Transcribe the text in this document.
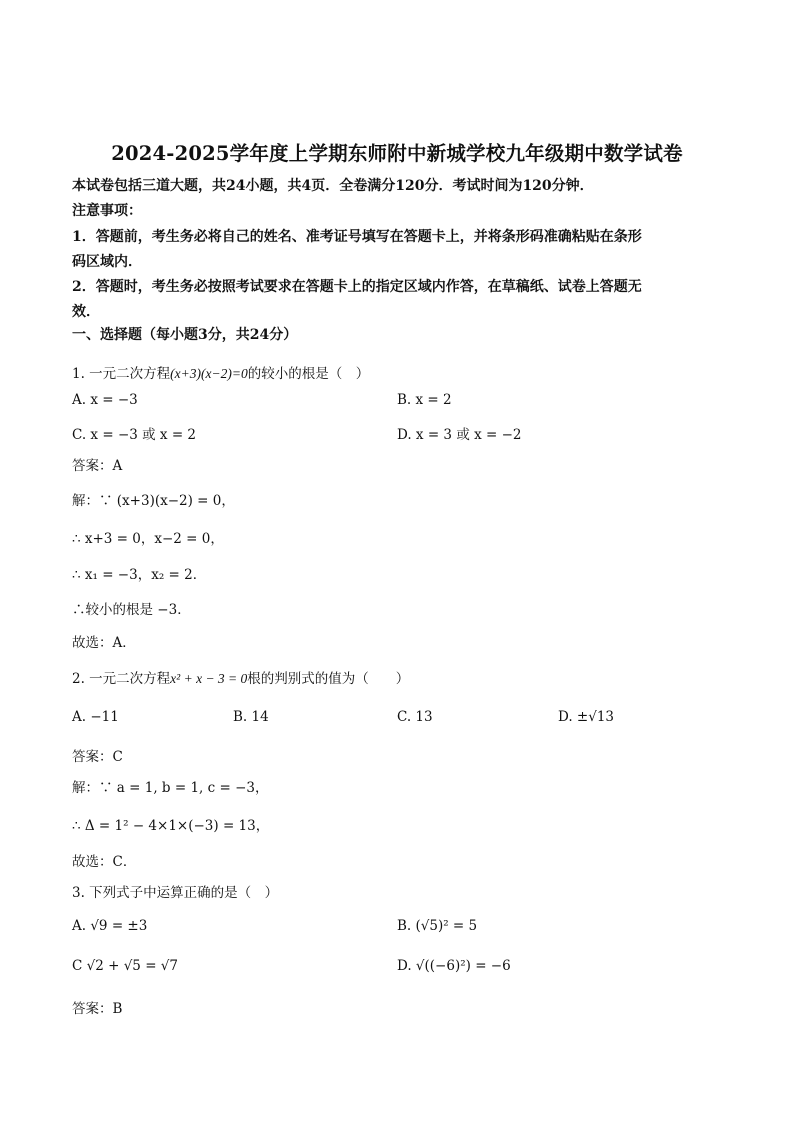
2024-2025学年度上学期东师附中新城学校九年级期中数学试卷
本试卷包括三道大题，共24小题，共4页．全卷满分120分．考试时间为120分钟．
注意事项：
1．答题前，考生务必将自己的姓名、准考证号填写在答题卡上，并将条形码准确粘贴在条形
码区域内．
2．答题时，考生务必按照考试要求在答题卡上的指定区域内作答，在草稿纸、试卷上答题无
效．
一、选择题（每小题3分，共24分）
1. 一元二次方程(x+3)(x−2)=0的较小的根是（　）
A. x = −3	B. x = 2
C. x = −3 或 x = 2	D. x = 3 或 x = −2
答案：A
解：∵ (x+3)(x−2) = 0，
∴ x+3 = 0，x−2 = 0，
∴ x₁ = −3，x₂ = 2．
∴较小的根是 −3．
故选：A．
2. 一元二次方程x² + x − 3 = 0根的判别式的值为（　　）
A. −11	B. 14	C. 13	D. ±√13
答案：C
解：∵ a = 1, b = 1, c = −3，
∴ Δ = 1² − 4×1×(−3) = 13，
故选：C．
3. 下列式子中运算正确的是（　）
A. √9 = ±3	B. (√5)² = 5
C √2 + √5 = √7	D. √((−6)²) = −6
答案：B
